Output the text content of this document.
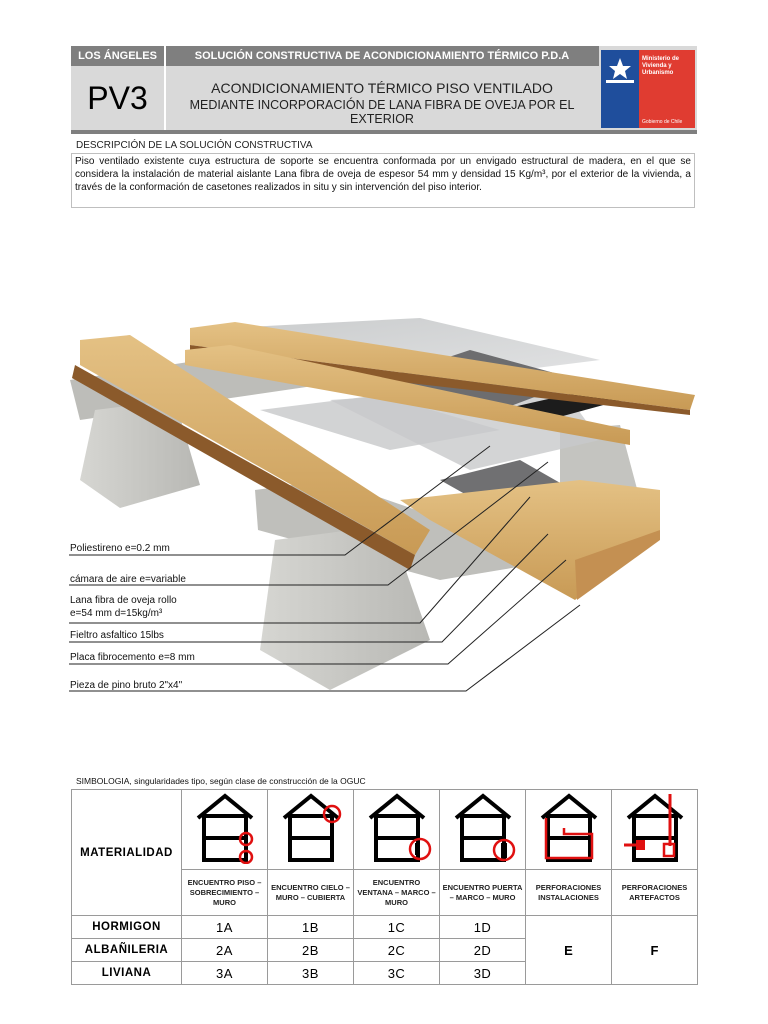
LOS ÁNGELES	SOLUCIÓN CONSTRUCTIVA DE ACONDICIONAMIENTO TÉRMICO P.D.A
PV3	ACONDICIONAMIENTO TÉRMICO PISO VENTILADO
MEDIANTE INCORPORACIÓN DE LANA FIBRA DE OVEJA POR EL EXTERIOR
Ministerio de Vivienda y Urbanismo
Gobierno de Chile
DESCRIPCIÓN DE LA SOLUCIÓN CONSTRUCTIVA
Piso ventilado existente cuya estructura de soporte se encuentra conformada por un envigado estructural de madera, en el que se considera la instalación de material aislante Lana fibra de oveja de espesor 54 mm y densidad 15 Kg/m³, por el exterior de la vivienda, a través de la conformación de casetones realizados in situ y sin intervención del piso interior.
Poliestireno e=0.2 mm
cámara de aire e=variable
Lana fibra de oveja rollo
e=54 mm d=15kg/m³
Fieltro asfaltico 15lbs
Placa fibrocemento e=8 mm
Pieza de pino bruto 2"x4"
SIMBOLOGIA, singularidades tipo, según clase de construcción de la OGUC
MATERIALIDAD						
	ENCUENTRO PISO – SOBRECIMIENTO – MURO	ENCUENTRO CIELO – MURO – CUBIERTA	ENCUENTRO VENTANA – MARCO – MURO	ENCUENTRO PUERTA – MARCO – MURO	PERFORACIONES INSTALACIONES	PERFORACIONES ARTEFACTOS
HORMIGON	1A	1B	1C	1D	E	F
ALBAÑILERIA	2A	2B	2C	2D		
LIVIANA	3A	3B	3C	3D		
